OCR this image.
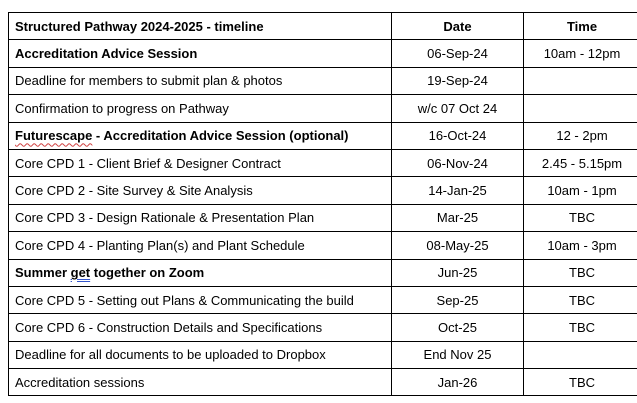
Structured Pathway 2024-2025 - timeline	Date	Time
Accreditation Advice Session	06-Sep-24	10am - 12pm
Deadline for members to submit plan & photos	19-Sep-24	
Confirmation to progress on Pathway	w/c 07 Oct 24	
Futurescape - Accreditation Advice Session (optional)	16-Oct-24	12 - 2pm
Core CPD 1 - Client Brief & Designer Contract	06-Nov-24	2.45 - 5.15pm
Core CPD 2 - Site Survey & Site Analysis	14-Jan-25	10am - 1pm
Core CPD 3 - Design Rationale & Presentation Plan	Mar-25	TBC
Core CPD 4 - Planting Plan(s) and Plant Schedule	08-May-25	10am - 3pm
Summer get together on Zoom	Jun-25	TBC
Core CPD 5 - Setting out Plans & Communicating the build	Sep-25	TBC
Core CPD 6 - Construction Details and Specifications	Oct-25	TBC
Deadline for all documents to be uploaded to Dropbox	End Nov 25	
Accreditation sessions	Jan-26	TBC
